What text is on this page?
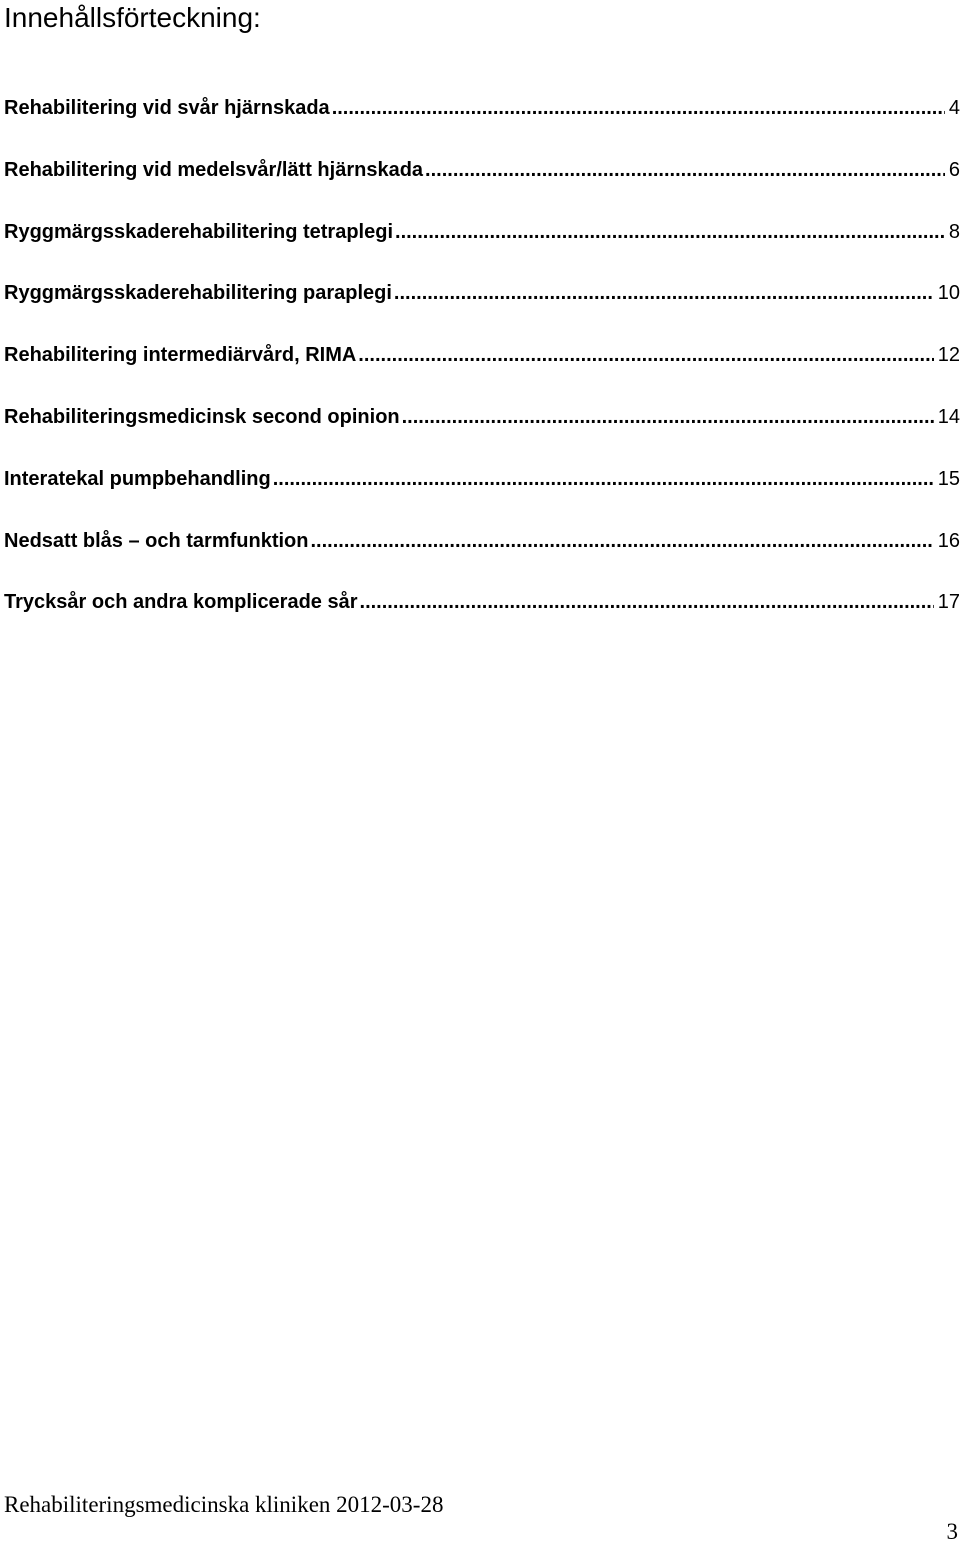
Innehållsförteckning:
Rehabilitering vid svår hjärnskada .....	4
Rehabilitering vid medelsvår/lätt hjärnskada .....	6
Ryggmärgsskaderehabilitering tetraplegi .....	8
Ryggmärgsskaderehabilitering paraplegi .....	10
Rehabilitering intermediärvård, RIMA .....	12
Rehabiliteringsmedicinsk second opinion .....	14
Interatekal pumpbehandling .....	15
Nedsatt blås – och tarmfunktion .....	16
Trycksår och andra komplicerade sår .....	17
Rehabiliteringsmedicinska kliniken 2012-03-28
3
